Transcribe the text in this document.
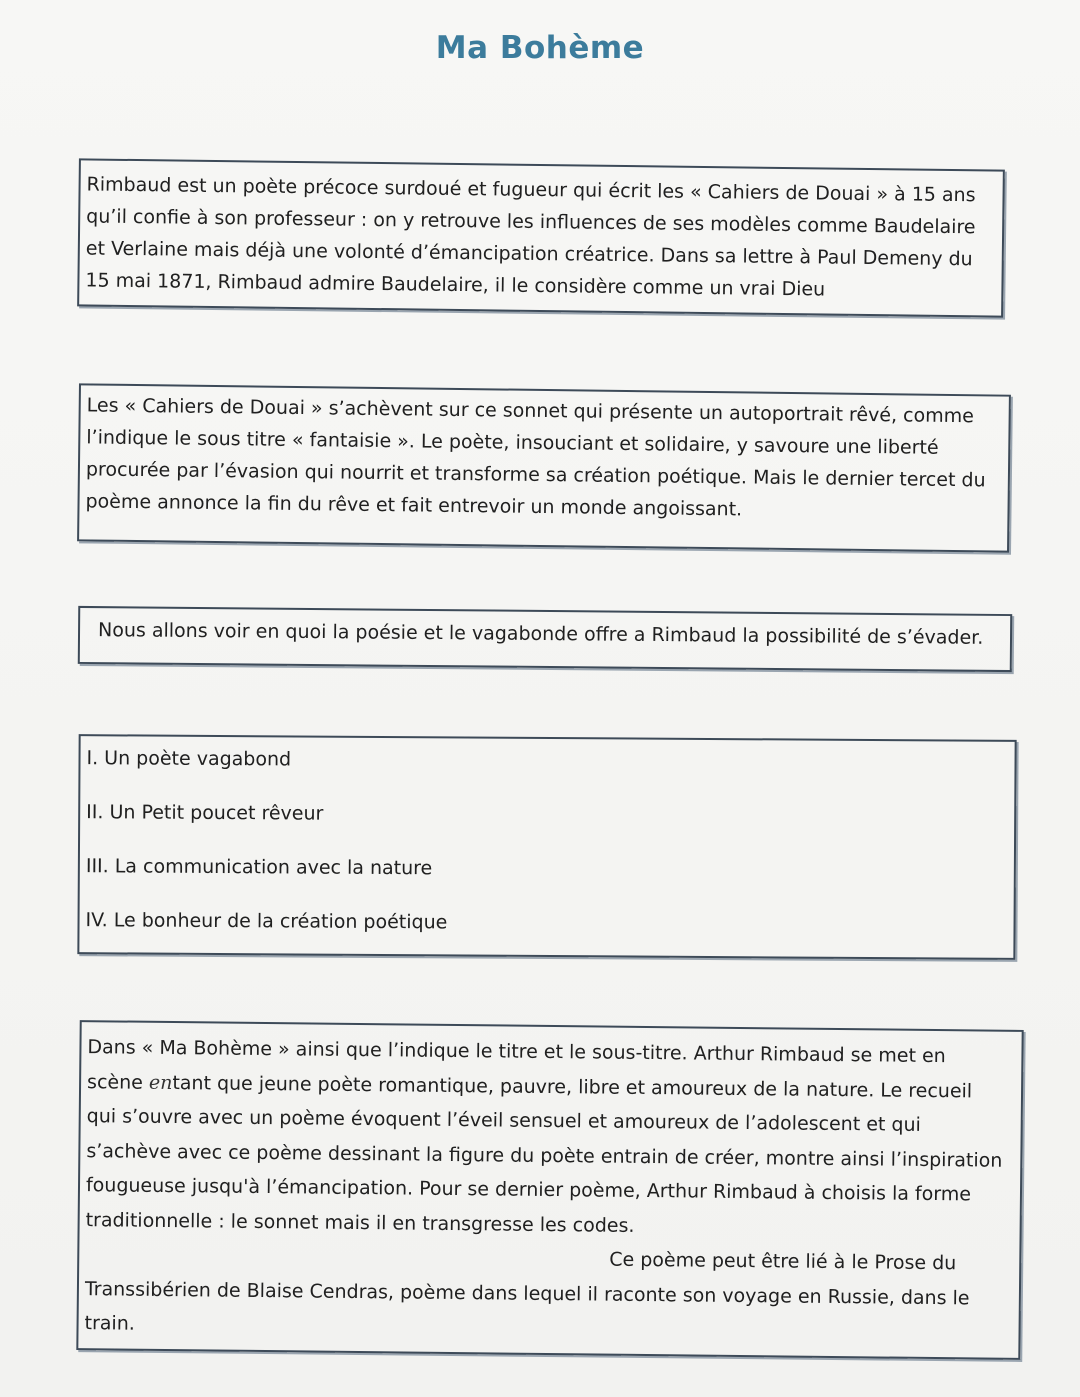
Ma Bohème

Rimbaud est un poète précoce surdoué et fugueur qui écrit les « Cahiers de Douai » à 15 ans qu’il confie à son professeur : on y retrouve les influences de ses modèles comme Baudelaire et Verlaine mais déjà une volonté d’émancipation créatrice. Dans sa lettre à Paul Demeny du 15 mai 1871, Rimbaud admire Baudelaire, il le considère comme un vrai Dieu

Les « Cahiers de Douai » s’achèvent sur ce sonnet qui présente un autoportrait rêvé, comme l’indique le sous titre « fantaisie ». Le poète, insouciant et solidaire, y savoure une liberté procurée par l’évasion qui nourrit et transforme sa création poétique. Mais le dernier tercet du poème annonce la fin du rêve et fait entrevoir un monde angoissant.

Nous allons voir en quoi la poésie et le vagabonde offre a Rimbaud la possibilité de s’évader.

I. Un poète vagabond
II. Un Petit poucet rêveur
III. La communication avec la nature
IV. Le bonheur de la création poétique

Dans « Ma Bohème » ainsi que l’indique le titre et le sous-titre. Arthur Rimbaud se met en scène entant que jeune poète romantique, pauvre, libre et amoureux de la nature. Le recueil qui s’ouvre avec un poème évoquent l’éveil sensuel et amoureux de l’adolescent et qui s’achève avec ce poème dessinant la figure du poète entrain de créer, montre ainsi l’inspiration fougueuse jusqu'à l’émancipation. Pour se dernier poème, Arthur Rimbaud à choisis la forme traditionnelle : le sonnet mais il en transgresse les codes.
Ce poème peut être lié à le Prose du
Transsibérien de Blaise Cendras, poème dans lequel il raconte son voyage en Russie, dans le train.
